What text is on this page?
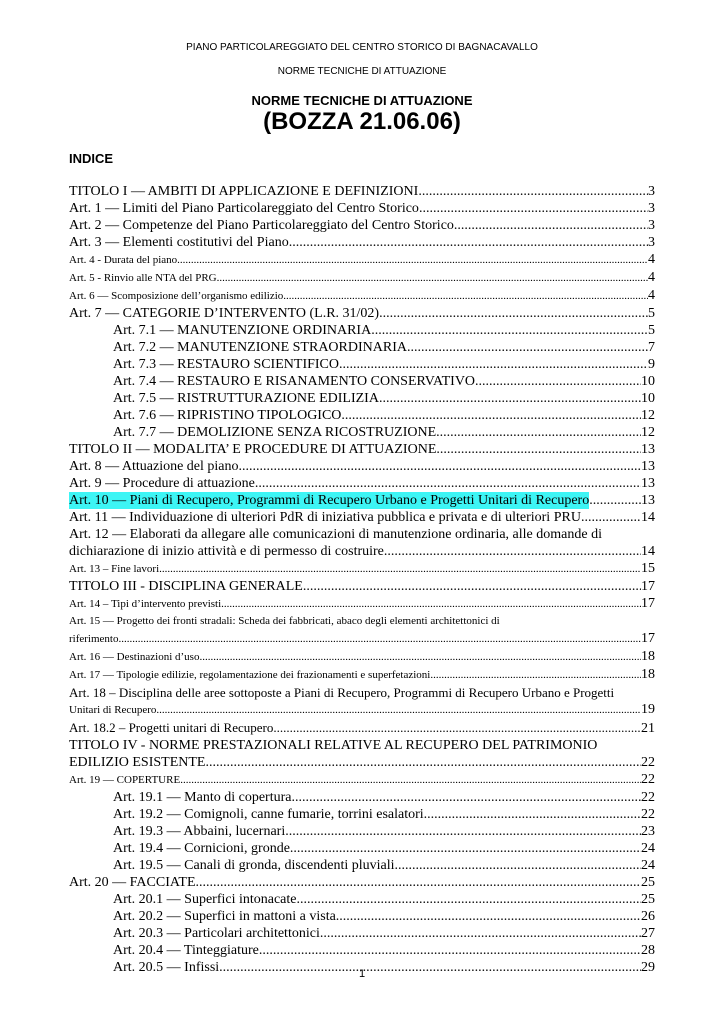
PIANO PARTICOLAREGGIATO DEL CENTRO STORICO DI BAGNACAVALLO
NORME TECNICHE DI ATTUAZIONE
NORME TECNICHE DI ATTUAZIONE
(BOZZA 21.06.06)
INDICE
TITOLO I — AMBITI DI APPLICAZIONE E DEFINIZIONI .....	3
Art. 1 — Limiti del Piano Particolareggiato del Centro Storico .....	3
Art. 2 — Competenze del Piano Particolareggiato del Centro Storico .....	3
Art. 3 — Elementi costitutivi del Piano .....	3
Art. 4 - Durata del piano .....	4
Art. 5 - Rinvio alle NTA del PRG .....	4
Art. 6 — Scomposizione dell’organismo edilizio .....	4
Art. 7 — CATEGORIE D’INTERVENTO (L.R. 31/02) .....	5
Art. 7.1 — MANUTENZIONE ORDINARIA .....	5
Art. 7.2 — MANUTENZIONE STRAORDINARIA .....	7
Art. 7.3 — RESTAURO SCIENTIFICO .....	9
Art. 7.4 — RESTAURO E RISANAMENTO CONSERVATIVO .....	10
Art. 7.5 — RISTRUTTURAZIONE EDILIZIA .....	10
Art. 7.6 — RIPRISTINO TIPOLOGICO .....	12
Art. 7.7 — DEMOLIZIONE SENZA RICOSTRUZIONE .....	12
TITOLO II — MODALITA’ E PROCEDURE DI ATTUAZIONE .....	13
Art. 8 — Attuazione del piano .....	13
Art. 9 — Procedure di attuazione .....	13
Art. 10 — Piani di Recupero, Programmi di Recupero Urbano e Progetti Unitari di Recupero .....	13
Art. 11 — Individuazione di ulteriori PdR di iniziativa pubblica e privata e di ulteriori PRU .....	14
Art. 12 — Elaborati da allegare alle comunicazioni di manutenzione ordinaria, alle domande di
dichiarazione di inizio attività e di permesso di costruire .....	14
Art. 13 – Fine lavori .....	15
TITOLO III - DISCIPLINA GENERALE .....	17
Art. 14 – Tipi d’intervento previsti .....	17
Art. 15 — Progetto dei fronti stradali: Scheda dei fabbricati, abaco degli elementi architettonici di
riferimento .....	17
Art. 16 — Destinazioni d’uso .....	18
Art. 17 — Tipologie edilizie, regolamentazione dei frazionamenti e superfetazioni .....	18
Art. 18 – Disciplina delle aree sottoposte a Piani di Recupero, Programmi di Recupero Urbano e Progetti
Unitari di Recupero .....	19
Art. 18.2 – Progetti unitari di Recupero .....	21
TITOLO IV - NORME PRESTAZIONALI RELATIVE AL RECUPERO DEL PATRIMONIO
EDILIZIO ESISTENTE .....	22
Art. 19 — COPERTURE .....	22
Art. 19.1 — Manto di copertura .....	22
Art. 19.2 — Comignoli, canne fumarie, torrini esalatori. .....	22
Art. 19.3 — Abbaini, lucernari .....	23
Art. 19.4 — Cornicioni, gronde .....	24
Art. 19.5 — Canali di gronda, discendenti pluviali .....	24
Art. 20 — FACCIATE .....	25
Art. 20.1 — Superfici intonacate .....	25
Art. 20.2 — Superfici in mattoni a vista .....	26
Art. 20.3 — Particolari architettonici .....	27
Art. 20.4 — Tinteggiature .....	28
Art. 20.5 — Infissi .....	29
1
